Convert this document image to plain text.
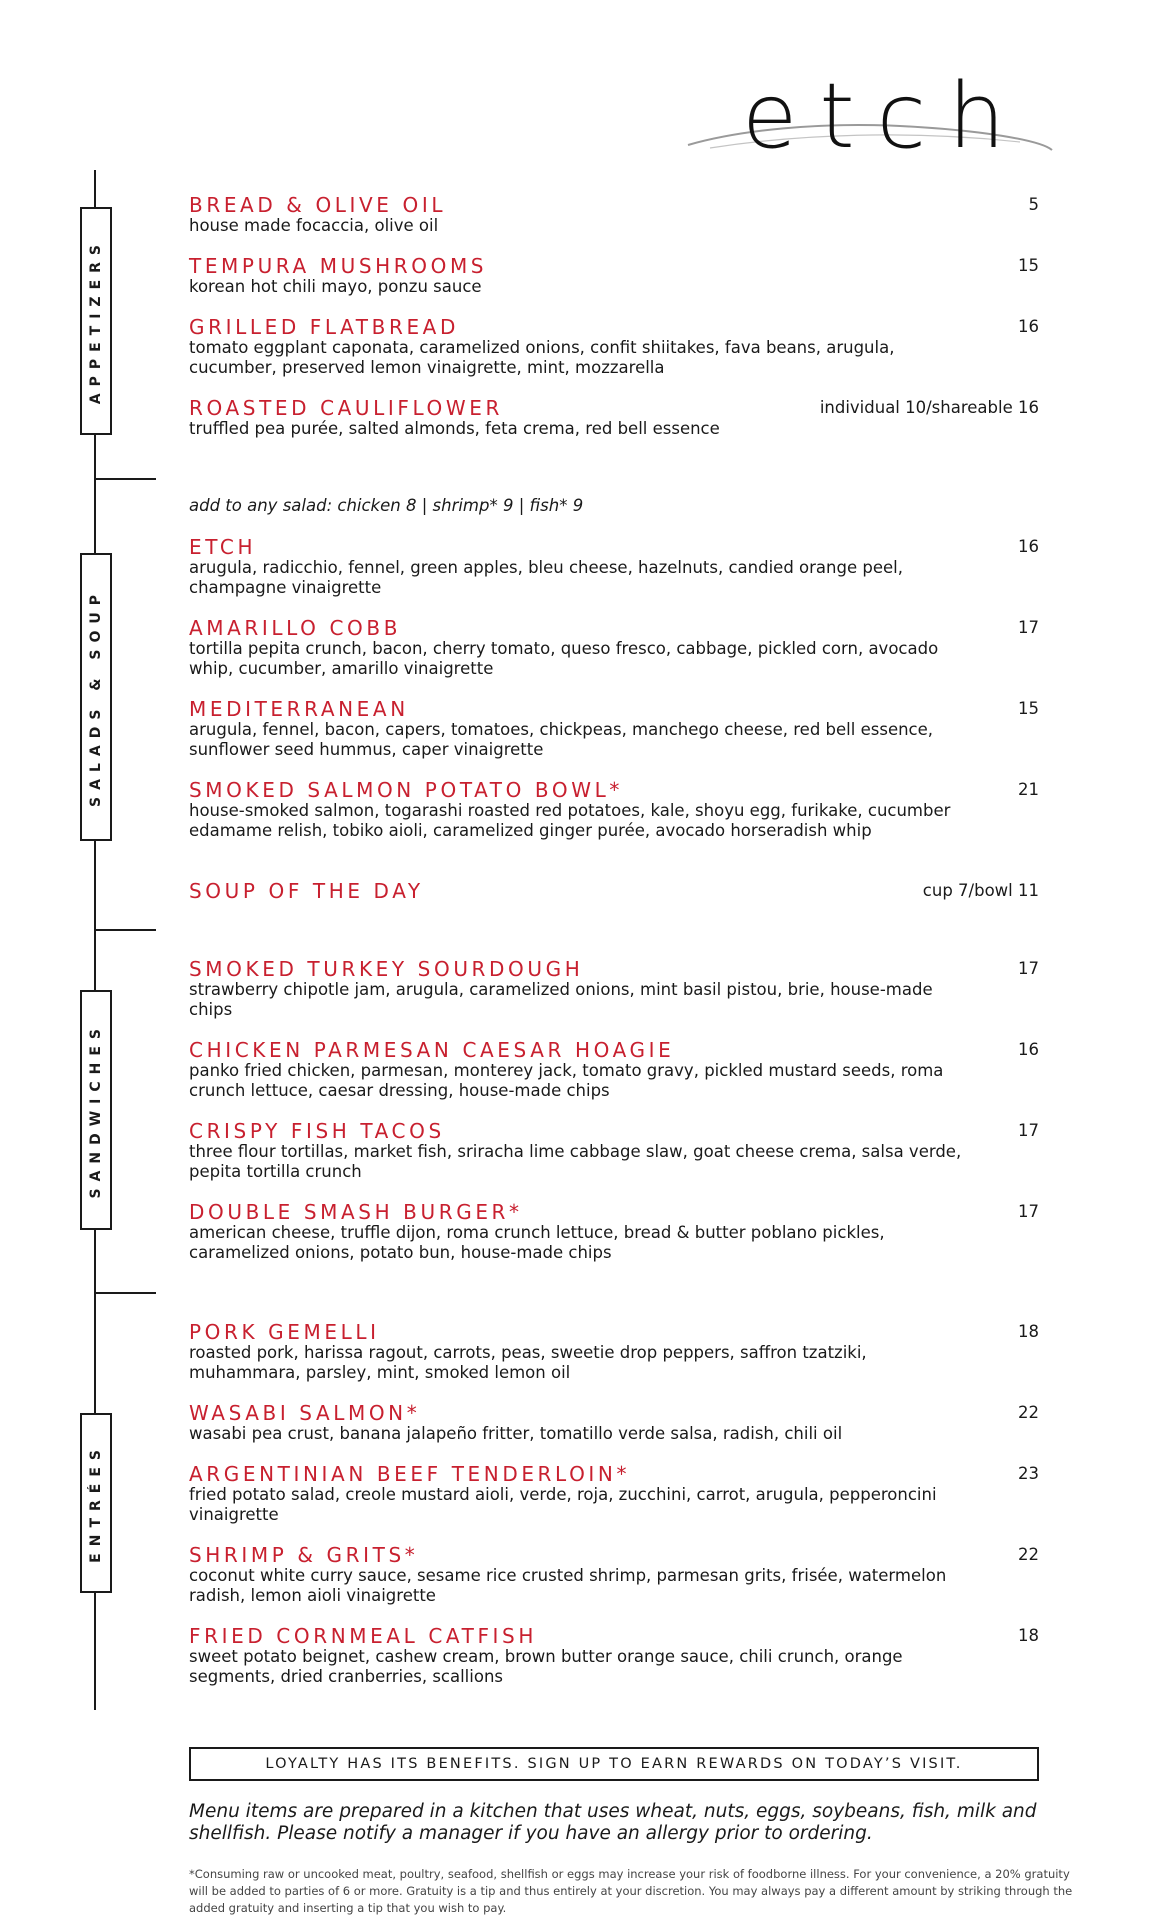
etch
APPETIZERS
SALADS & SOUP
SANDWICHES
ENTRÉES
add to any salad: chicken 8 | shrimp* 9 | fish* 9
BREAD & OLIVE OIL
house made focaccia, olive oil
5
TEMPURA MUSHROOMS
korean hot chili mayo, ponzu sauce
15
GRILLED FLATBREAD
tomato eggplant caponata, caramelized onions, confit shiitakes, fava beans, arugula, cucumber, preserved lemon vinaigrette, mint, mozzarella
16
ROASTED CAULIFLOWER
truffled pea purée, salted almonds, feta crema, red bell essence
individual 10/shareable 16
ETCH
arugula, radicchio, fennel, green apples, bleu cheese, hazelnuts, candied orange peel, champagne vinaigrette
16
AMARILLO COBB
tortilla pepita crunch, bacon, cherry tomato, queso fresco, cabbage, pickled corn, avocado whip, cucumber, amarillo vinaigrette
17
MEDITERRANEAN
arugula, fennel, bacon, capers, tomatoes, chickpeas, manchego cheese, red bell essence, sunflower seed hummus, caper vinaigrette
15
SMOKED SALMON POTATO BOWL*
house-smoked salmon, togarashi roasted red potatoes, kale, shoyu egg, furikake, cucumber edamame relish, tobiko aioli, caramelized ginger purée, avocado horseradish whip
21
SOUP OF THE DAY	cup 7/bowl 11
SMOKED TURKEY SOURDOUGH
strawberry chipotle jam, arugula, caramelized onions, mint basil pistou, brie, house-made chips
17
CHICKEN PARMESAN CAESAR HOAGIE
panko fried chicken, parmesan, monterey jack, tomato gravy, pickled mustard seeds, roma crunch lettuce, caesar dressing, house-made chips
16
CRISPY FISH TACOS
three flour tortillas, market fish, sriracha lime cabbage slaw, goat cheese crema, salsa verde, pepita tortilla crunch
17
DOUBLE SMASH BURGER*
american cheese, truffle dijon, roma crunch lettuce, bread & butter poblano pickles, caramelized onions, potato bun, house-made chips
17
PORK GEMELLI
roasted pork, harissa ragout, carrots, peas, sweetie drop peppers, saffron tzatziki, muhammara, parsley, mint, smoked lemon oil
18
WASABI SALMON*
wasabi pea crust, banana jalapeño fritter, tomatillo verde salsa, radish, chili oil
22
ARGENTINIAN BEEF TENDERLOIN*
fried potato salad, creole mustard aioli, verde, roja, zucchini, carrot, arugula, pepperoncini vinaigrette
23
SHRIMP & GRITS*
coconut white curry sauce, sesame rice crusted shrimp, parmesan grits, frisée, watermelon radish, lemon aioli vinaigrette
22
FRIED CORNMEAL CATFISH
sweet potato beignet, cashew cream, brown butter orange sauce, chili crunch, orange segments, dried cranberries, scallions
18
LOYALTY HAS ITS BENEFITS. SIGN UP TO EARN REWARDS ON TODAY’S VISIT.
Menu items are prepared in a kitchen that uses wheat, nuts, eggs, soybeans, fish, milk and shellfish. Please notify a manager if you have an allergy prior to ordering.
*Consuming raw or uncooked meat, poultry, seafood, shellfish or eggs may increase your risk of foodborne illness. For your convenience, a 20% gratuity will be added to parties of 6 or more. Gratuity is a tip and thus entirely at your discretion. You may always pay a different amount by striking through the added gratuity and inserting a tip that you wish to pay.
